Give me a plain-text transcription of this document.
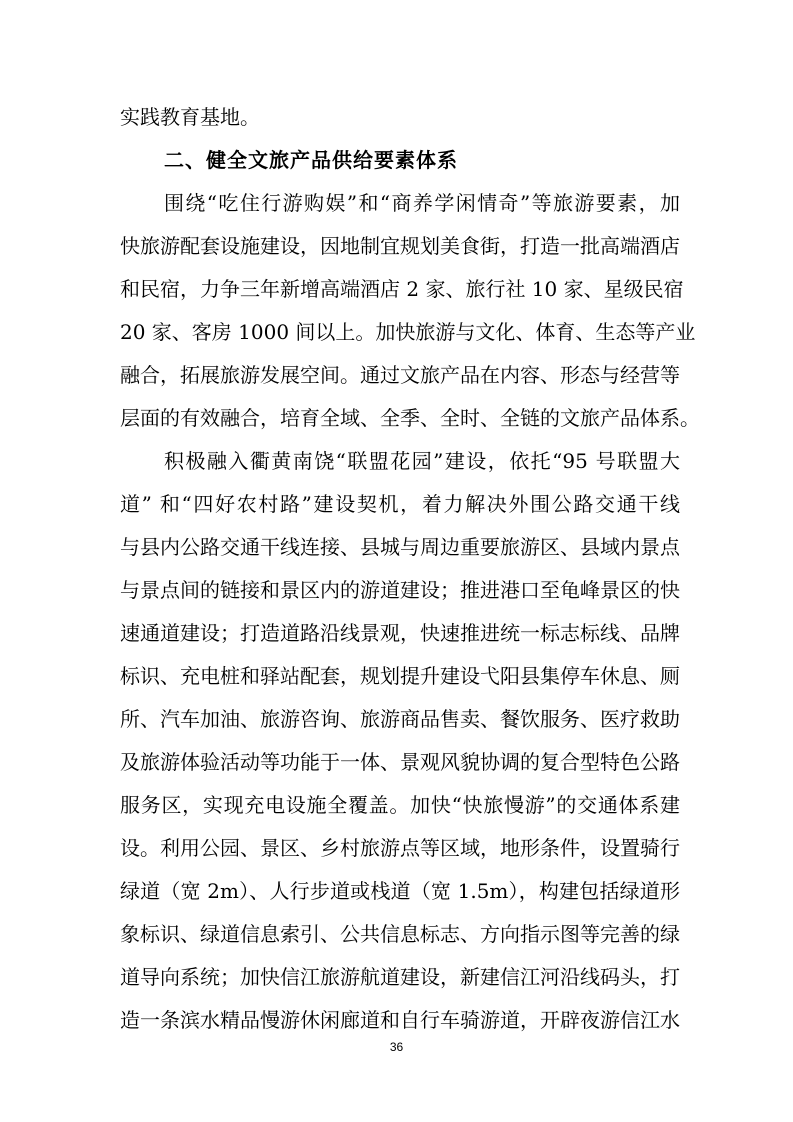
实践教育基地。
二、健全文旅产品供给要素体系
围绕“吃住行游购娱”和“商养学闲情奇”等旅游要素，加
快旅游配套设施建设，因地制宜规划美食街，打造一批高端酒店
和民宿，力争三年新增高端酒店 2 家、旅行社 10 家、星级民宿
20 家、客房 1000 间以上。加快旅游与文化、体育、生态等产业
融合，拓展旅游发展空间。通过文旅产品在内容、形态与经营等
层面的有效融合，培育全域、全季、全时、全链的文旅产品体系。
积极融入衢黄南饶“联盟花园”建设，依托“95 号联盟大
道” 和“四好农村路”建设契机，着力解决外围公路交通干线
与县内公路交通干线连接、县城与周边重要旅游区、县域内景点
与景点间的链接和景区内的游道建设；推进港口至龟峰景区的快
速通道建设；打造道路沿线景观，快速推进统一标志标线、品牌
标识、充电桩和驿站配套，规划提升建设弋阳县集停车休息、厕
所、汽车加油、旅游咨询、旅游商品售卖、餐饮服务、医疗救助
及旅游体验活动等功能于一体、景观风貌协调的复合型特色公路
服务区，实现充电设施全覆盖。加快“快旅慢游”的交通体系建
设。利用公园、景区、乡村旅游点等区域，地形条件，设置骑行
绿道（宽 2m）、人行步道或栈道（宽 1.5m），构建包括绿道形
象标识、绿道信息索引、公共信息标志、方向指示图等完善的绿
道导向系统；加快信江旅游航道建设，新建信江河沿线码头，打
造一条滨水精品慢游休闲廊道和自行车骑游道，开辟夜游信江水
36
